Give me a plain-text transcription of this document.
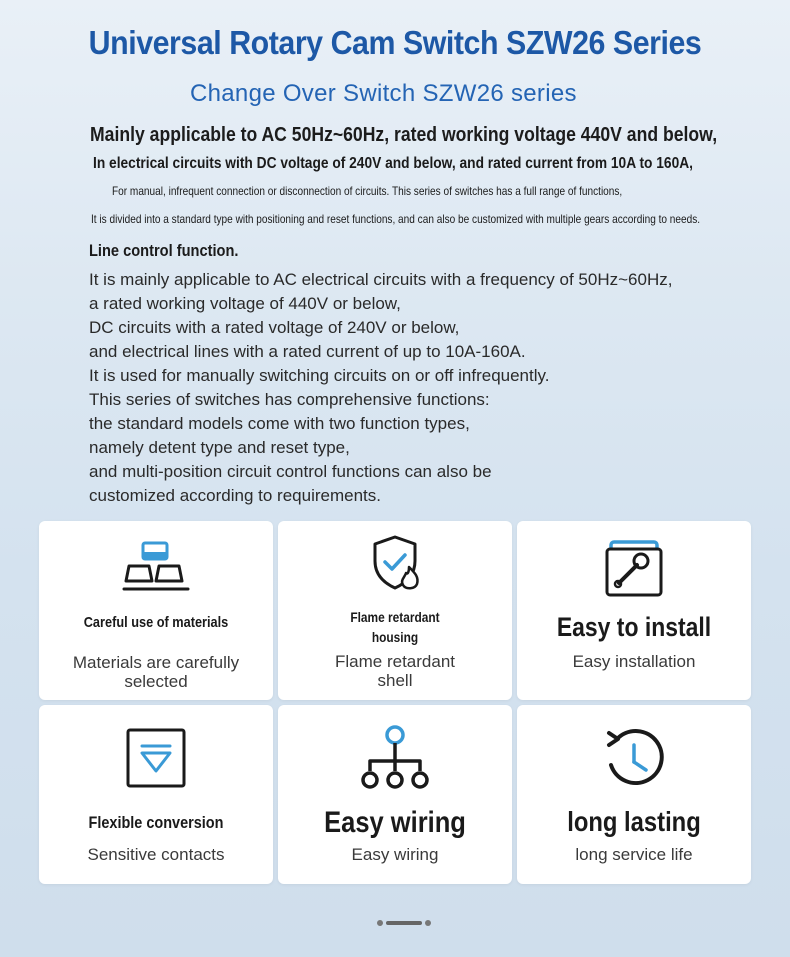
Universal Rotary Cam Switch SZW26 Series
Change Over Switch SZW26 series
Mainly applicable to AC 50Hz~60Hz, rated working voltage 440V and below,
In electrical circuits with DC voltage of 240V and below, and rated current from 10A to 160A,
For manual, infrequent connection or disconnection of circuits. This series of switches has a full range of functions,
It is divided into a standard type with positioning and reset functions, and can also be customized with multiple gears according to needs.
Line control function.
It is mainly applicable to AC electrical circuits with a frequency of 50Hz~60Hz,
a rated working voltage of 440V or below,
DC circuits with a rated voltage of 240V or below,
and electrical lines with a rated current of up to 10A-160A.
It is used for manually switching circuits on or off infrequently.
This series of switches has comprehensive functions:
the standard models come with two function types,
namely detent type and reset type,
and multi-position circuit control functions can also be
customized according to requirements.
Careful use of materials
Materials are carefully selected
Flame retardant housing
Flame retardant shell
Easy to install
Easy installation
Flexible conversion
Sensitive contacts
Easy wiring
Easy wiring
long lasting
long service life
